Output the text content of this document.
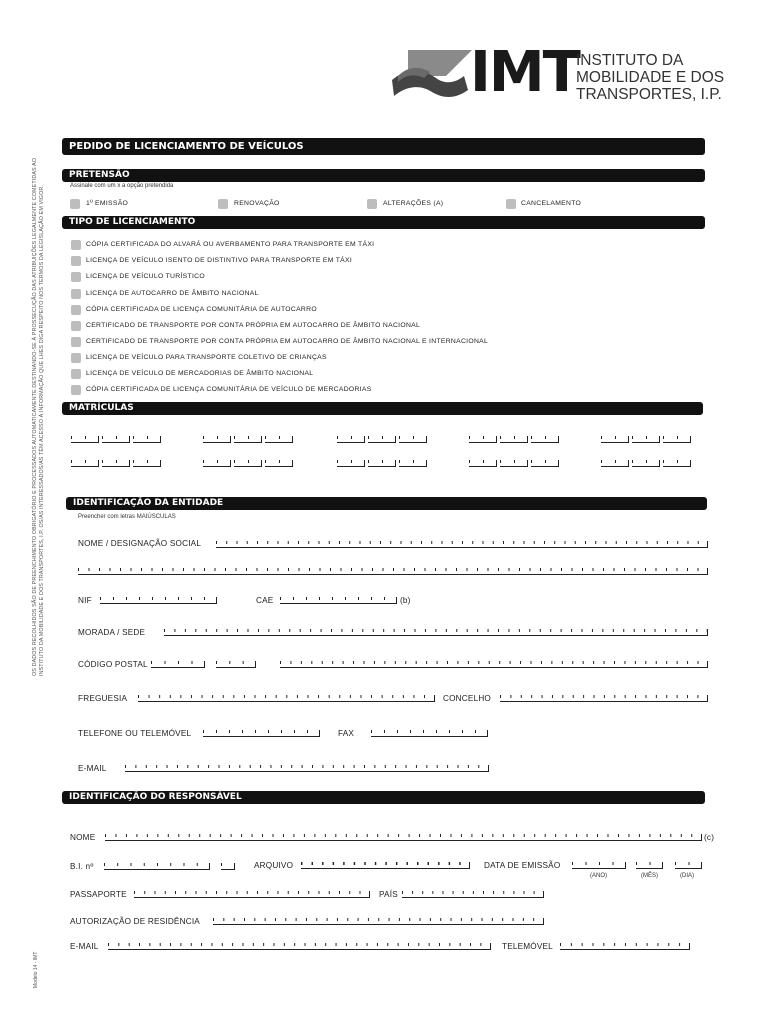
IMT
INSTITUTO DA
MOBILIDADE E DOS
TRANSPORTES, I.P.
OS DADOS RECOLHIDOS SÃO DE PREENCHIMENTO OBRIGATÓRIO E PROCESSADOS AUTOMATICAMENTE DESTINANDO-SE À PROSSECUÇÃO DAS ATRIBUIÇÕES LEGALMENTE COMETIDAS AO INSTITUTO DA MOBILIDADE E DOS TRANSPORTES, I.P. OS/AS INTERESSADOS/AS TÊM ACESSO À INFORMAÇÃO QUE LHES DIGA RESPEITO NOS TERMOS DA LEGISLAÇÃO EM VIGOR.
Modelo 14 - IMT
PEDIDO DE LICENCIAMENTO DE VEÍCULOS
PRETENSÃO
Assinale com um x a opção pretendida
1º EMISSÃO	RENOVAÇÃO	ALTERAÇÕES (A)	CANCELAMENTO
TIPO DE LICENCIAMENTO
CÓPIA CERTIFICADA DO ALVARÁ OU AVERBAMENTO PARA TRANSPORTE EM TÁXI
LICENÇA DE VEÍCULO ISENTO DE DISTINTIVO PARA TRANSPORTE EM TÁXI
LICENÇA DE VEÍCULO TURÍSTICO
LICENÇA DE AUTOCARRO DE ÂMBITO NACIONAL
CÓPIA CERTIFICADA DE LICENÇA COMUNITÁRIA DE AUTOCARRO
CERTIFICADO DE TRANSPORTE POR CONTA PRÓPRIA EM AUTOCARRO DE ÂMBITO NACIONAL
CERTIFICADO DE TRANSPORTE POR CONTA PRÓPRIA EM AUTOCARRO DE ÂMBITO NACIONAL E INTERNACIONAL
LICENÇA DE VEÍCULO PARA TRANSPORTE COLETIVO DE CRIANÇAS
LICENÇA DE VEÍCULO DE MERCADORIAS DE ÂMBITO NACIONAL
CÓPIA CERTIFICADA DE LICENÇA COMUNITÁRIA DE VEÍCULO DE MERCADORIAS
MATRÍCULAS
IDENTIFICAÇÃO DA ENTIDADE
Preencher com letras MAIÚSCULAS
NOME / DESIGNAÇÃO SOCIAL
NIF	CAE	(b)
MORADA / SEDE
CÓDIGO POSTAL
FREGUESIA	CONCELHO
TELEFONE OU TELEMÓVEL	FAX
E-MAIL
IDENTIFICAÇÃO DO RESPONSÁVEL
NOME	(c)
B.I. nº	ARQUIVO	DATA DE EMISSÃO
(ANO)	(MÊS)	(DIA)
PASSAPORTE	PAÍS
AUTORIZAÇÃO DE RESIDÊNCIA
E-MAIL	TELEMÓVEL
